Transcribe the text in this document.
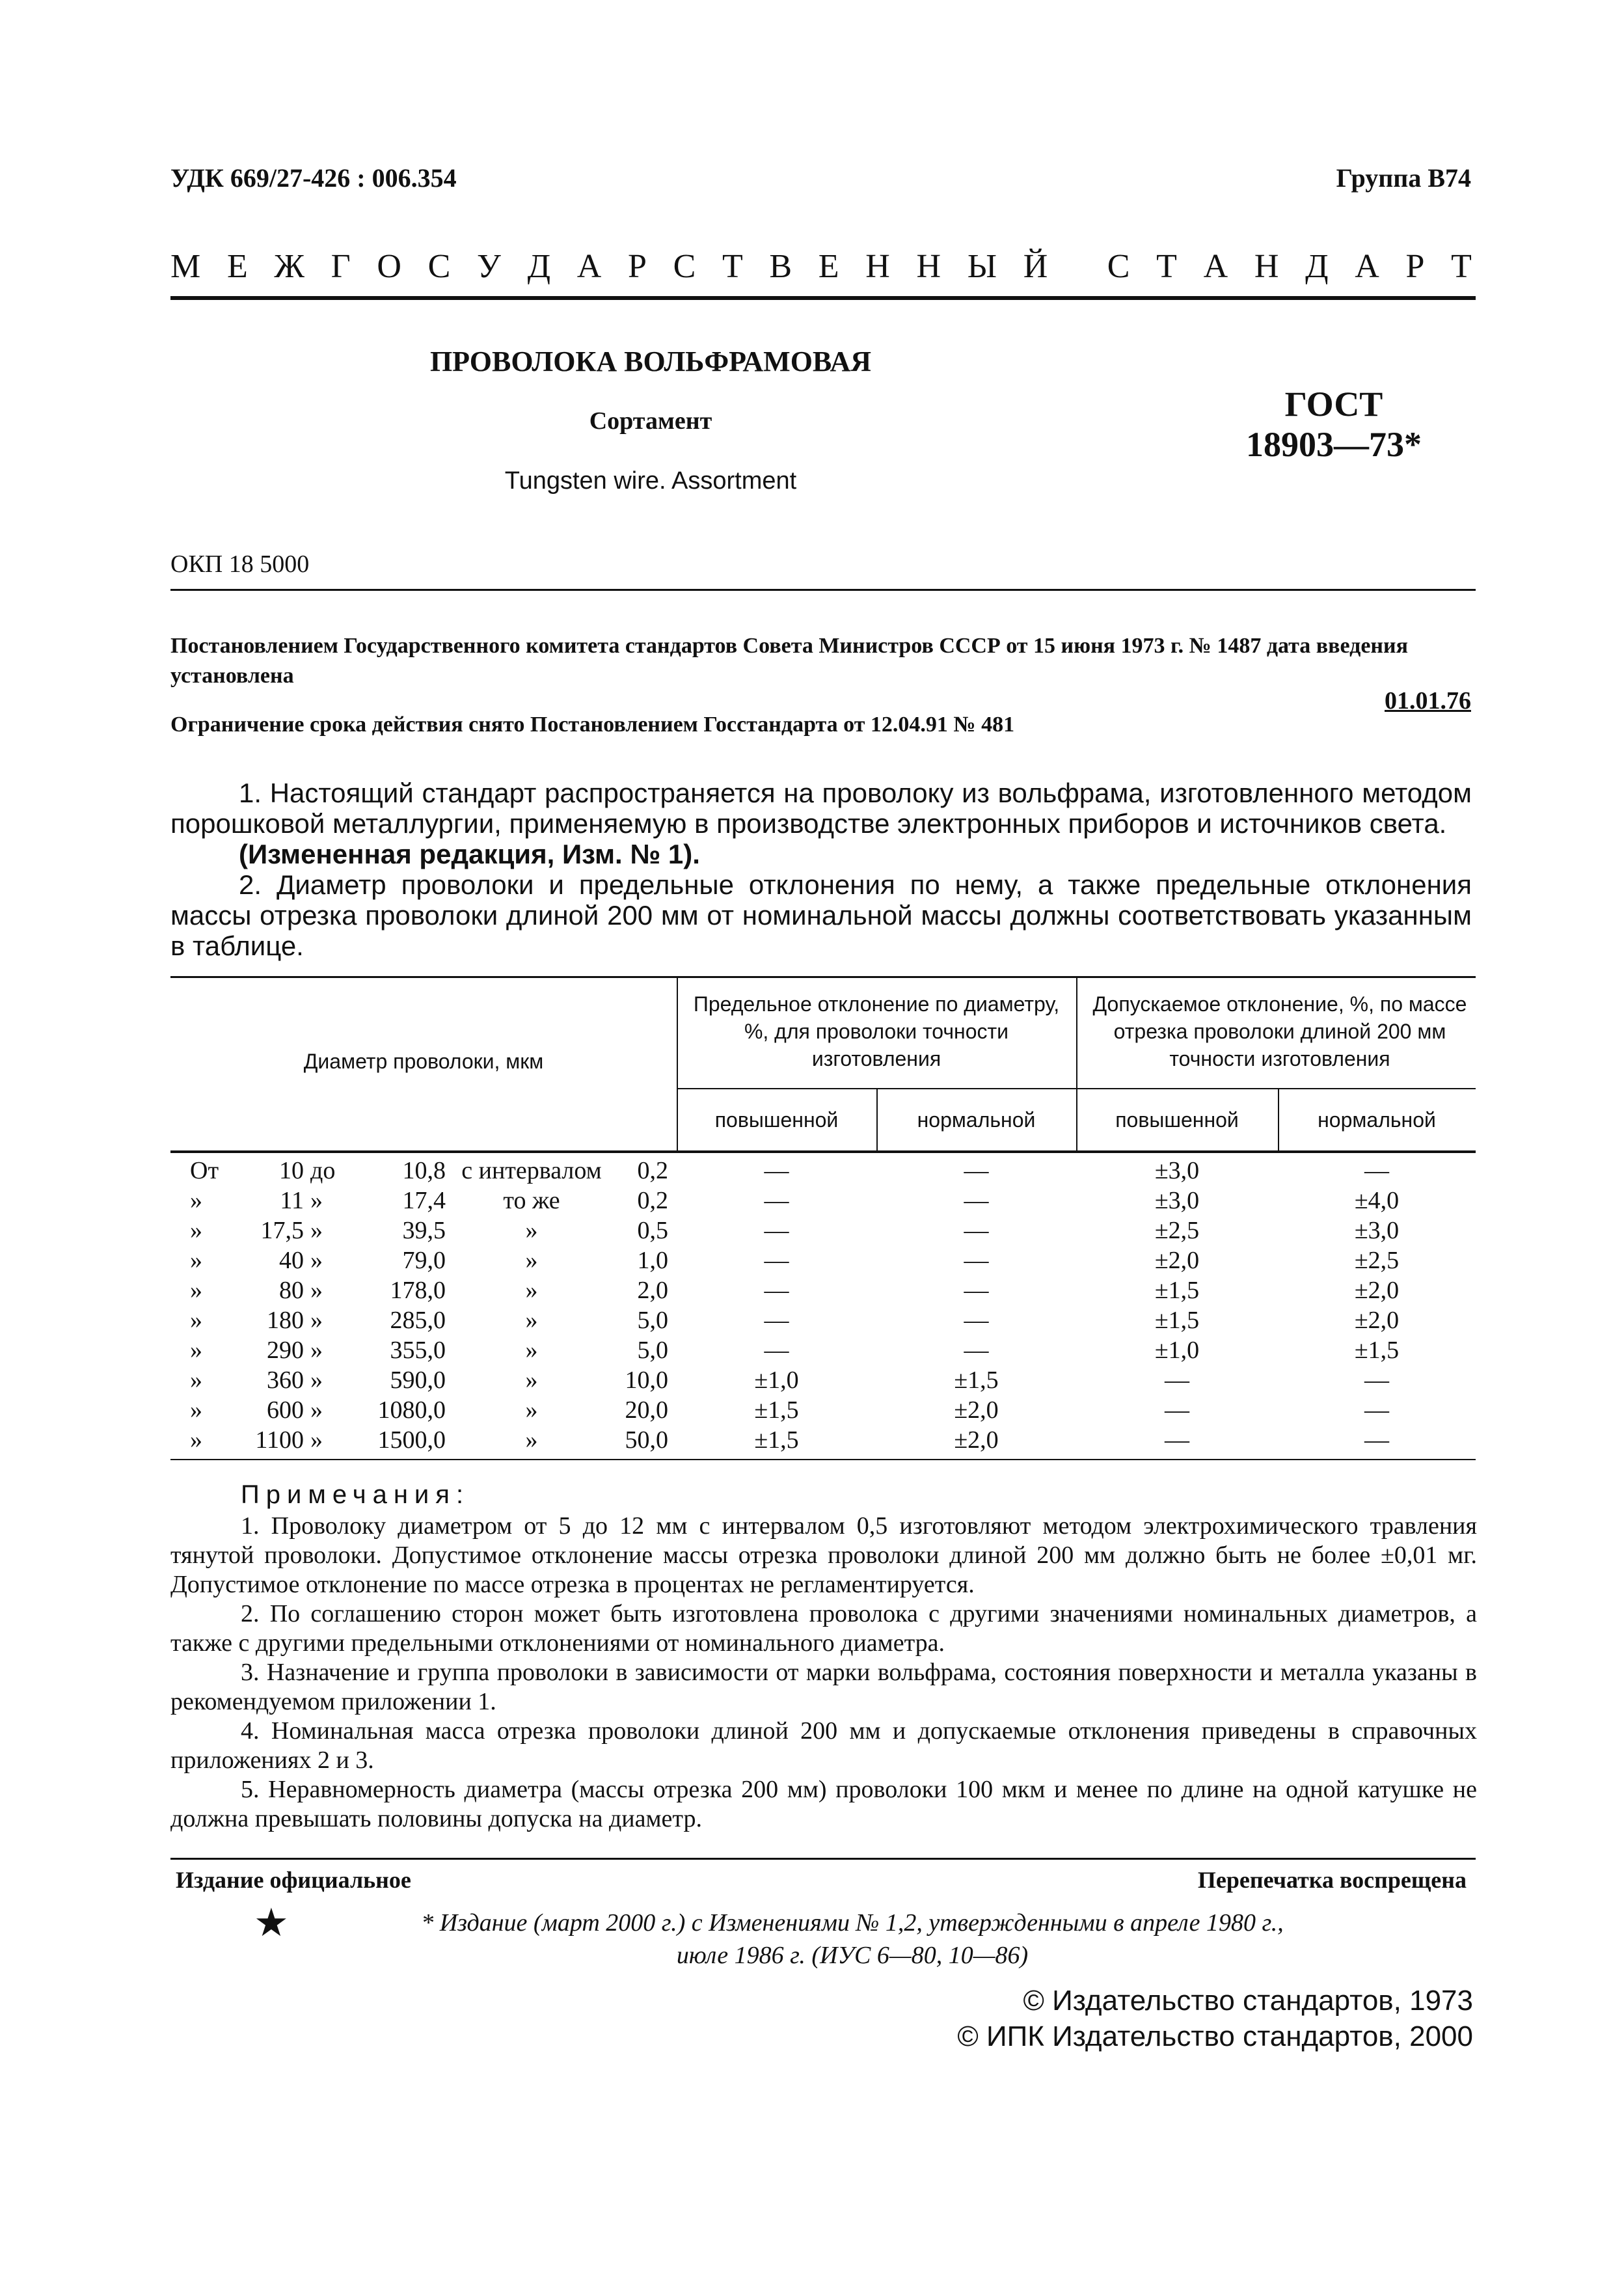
УДК 669/27-426 : 006.354	Группа В74
М Е Ж Г О С У Д А Р С Т В Е Н Н Ы Й С Т А Н Д А Р Т
ПРОВОЛОКА ВОЛЬФРАМОВАЯ
Сортамент
Tungsten wire. Assortment
ГОСТ
18903—73*
ОКП 18 5000
Постановлением Государственного комитета стандартов Совета Министров СССР от 15 июня 1973 г. № 1487 дата введения установлена
01.01.76
Ограничение срока действия снято Постановлением Госстандарта от 12.04.91 № 481
1. Настоящий стандарт распространяется на проволоку из вольфрама, изготовленного методом порошковой металлургии, применяемую в производстве электронных приборов и источников света.
(Измененная редакция, Изм. № 1).
2. Диаметр проволоки и предельные отклонения по нему, а также предельные отклонения массы отрезка проволоки длиной 200 мм от номинальной массы должны соответствовать указанным в таблице.
Диаметр проволоки, мкм
Предельное отклонение по диаметру, %, для проволоки точности изготовления
Допускаемое отклонение, %, по массе отрезка проволоки длиной 200 мм точности изготовления
повышенной	нормальной	повышенной	нормальной
От	10 до	10,8 с интервалом	0,2	—	—	±3,0	—
»	11 »	17,4	то же	0,2	—	—	±3,0	±4,0
»	17,5 »	39,5	»	0,5	—	—	±2,5	±3,0
»	40 »	79,0	»	1,0	—	—	±2,0	±2,5
»	80 »	178,0	»	2,0	—	—	±1,5	±2,0
»	180 »	285,0	»	5,0	—	—	±1,5	±2,0
»	290 »	355,0	»	5,0	—	—	±1,0	±1,5
»	360 »	590,0	»	10,0	±1,0	±1,5	—	—
»	600 »	1080,0	»	20,0	±1,5	±2,0	—	—
»	1100 »	1500,0	»	50,0	±1,5	±2,0	—	—
Примечания:
1. Проволоку диаметром от 5 до 12 мм с интервалом 0,5 изготовляют методом электрохимического травления тянутой проволоки. Допустимое отклонение массы отрезка проволоки длиной 200 мм должно быть не более ±0,01 мг. Допустимое отклонение по массе отрезка в процентах не регламентируется.
2. По соглашению сторон может быть изготовлена проволока с другими значениями номинальных диаметров, а также с другими предельными отклонениями от номинального диаметра.
3. Назначение и группа проволоки в зависимости от марки вольфрама, состояния поверхности и металла указаны в рекомендуемом приложении 1.
4. Номинальная масса отрезка проволоки длиной 200 мм и допускаемые отклонения приведены в справочных приложениях 2 и 3.
5. Неравномерность диаметра (массы отрезка 200 мм) проволоки 100 мкм и менее по длине на одной катушке не должна превышать половины допуска на диаметр.
Издание официальное	Перепечатка воспрещена
★	* Издание (март 2000 г.) с Изменениями № 1,2, утвержденными в апреле 1980 г.,
июле 1986 г. (ИУС 6—80, 10—86)
© Издательство стандартов, 1973
© ИПК Издательство стандартов, 2000
